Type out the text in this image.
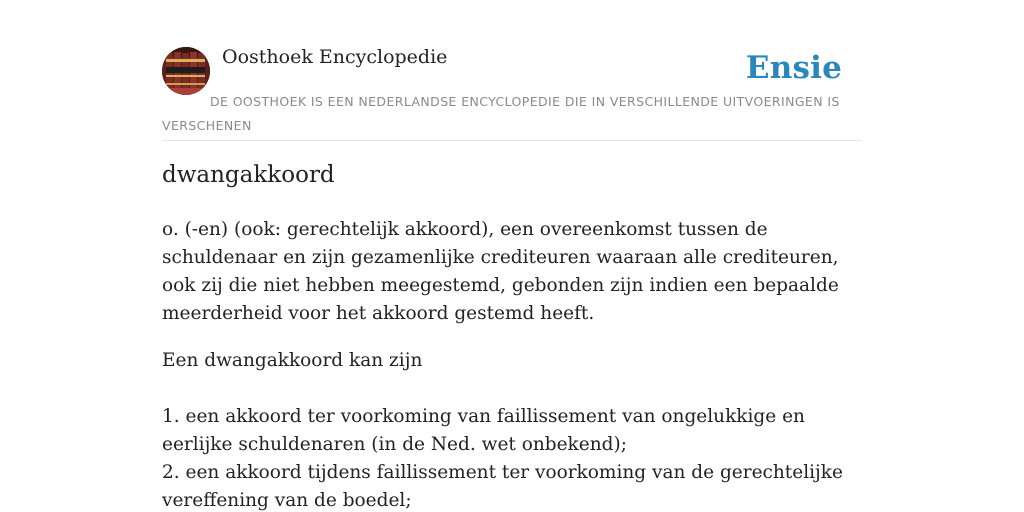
Oosthoek Encyclopedie	Ensie
DE OOSTHOEK IS EEN NEDERLANDSE ENCYCLOPEDIE DIE IN VERSCHILLENDE UITVOERINGEN IS VERSCHENEN
dwangakkoord

o. (-en) (ook: gerechtelijk akkoord), een overeenkomst tussen de schuldenaar en zijn gezamenlijke crediteuren waaraan alle crediteuren, ook zij die niet hebben meegestemd, gebonden zijn indien een bepaalde meerderheid voor het akkoord gestemd heeft.

Een dwangakkoord kan zijn

1. een akkoord ter voorkoming van faillissement van ongelukkige en eerlijke schuldenaren (in de Ned. wet onbekend);
2. een akkoord tijdens faillissement ter voorkoming van de gerechtelijke vereffening van de boedel;
